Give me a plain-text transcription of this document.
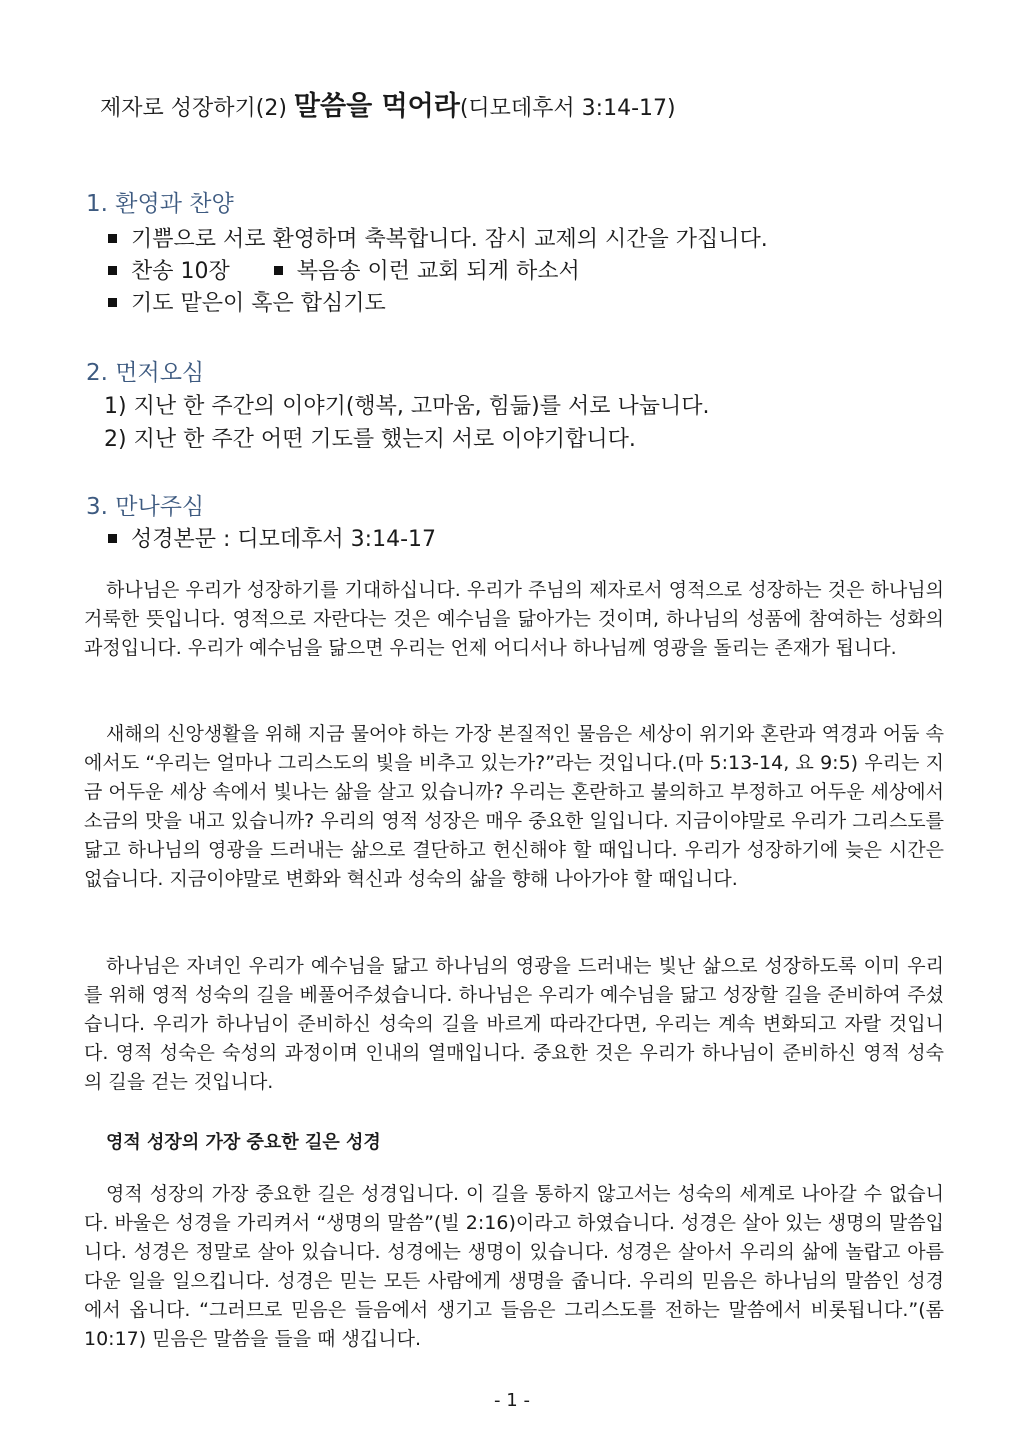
제자로 성장하기(2) 말씀을 먹어라(디모데후서 3:14-17)
1. 환영과 찬양
기쁨으로 서로 환영하며 축복합니다. 잠시 교제의 시간을 가집니다.
찬송 10장	복음송 이런 교회 되게 하소서
기도 맡은이 혹은 합심기도
2. 먼저오심
1) 지난 한 주간의 이야기(행복, 고마움, 힘듦)를 서로 나눕니다.
2) 지난 한 주간 어떤 기도를 했는지 서로 이야기합니다.
3. 만나주심
성경본문 : 디모데후서 3:14-17

하나님은 우리가 성장하기를 기대하십니다. 우리가 주님의 제자로서 영적으로 성장하는 것은 하나님의 거룩한 뜻입니다. 영적으로 자란다는 것은 예수님을 닮아가는 것이며, 하나님의 성품에 참여하는 성화의 과정입니다. 우리가 예수님을 닮으면 우리는 언제 어디서나 하나님께 영광을 돌리는 존재가 됩니다.

새해의 신앙생활을 위해 지금 물어야 하는 가장 본질적인 물음은 세상이 위기와 혼란과 역경과 어둠 속에서도 “우리는 얼마나 그리스도의 빛을 비추고 있는가?”라는 것입니다.(마 5:13-14, 요 9:5) 우리는 지금 어두운 세상 속에서 빛나는 삶을 살고 있습니까? 우리는 혼란하고 불의하고 부정하고 어두운 세상에서 소금의 맛을 내고 있습니까? 우리의 영적 성장은 매우 중요한 일입니다. 지금이야말로 우리가 그리스도를 닮고 하나님의 영광을 드러내는 삶으로 결단하고 헌신해야 할 때입니다. 우리가 성장하기에 늦은 시간은 없습니다. 지금이야말로 변화와 혁신과 성숙의 삶을 향해 나아가야 할 때입니다.

하나님은 자녀인 우리가 예수님을 닮고 하나님의 영광을 드러내는 빛난 삶으로 성장하도록 이미 우리를 위해 영적 성숙의 길을 베풀어주셨습니다. 하나님은 우리가 예수님을 닮고 성장할 길을 준비하여 주셨습니다. 우리가 하나님이 준비하신 성숙의 길을 바르게 따라간다면, 우리는 계속 변화되고 자랄 것입니다. 영적 성숙은 숙성의 과정이며 인내의 열매입니다. 중요한 것은 우리가 하나님이 준비하신 영적 성숙의 길을 걷는 것입니다.

영적 성장의 가장 중요한 길은 성경

영적 성장의 가장 중요한 길은 성경입니다. 이 길을 통하지 않고서는 성숙의 세계로 나아갈 수 없습니다. 바울은 성경을 가리켜서 “생명의 말씀”(빌 2:16)이라고 하였습니다. 성경은 살아 있는 생명의 말씀입니다. 성경은 정말로 살아 있습니다. 성경에는 생명이 있습니다. 성경은 살아서 우리의 삶에 놀랍고 아름다운 일을 일으킵니다. 성경은 믿는 모든 사람에게 생명을 줍니다. 우리의 믿음은 하나님의 말씀인 성경에서 옵니다. “그러므로 믿음은 들음에서 생기고 들음은 그리스도를 전하는 말씀에서 비롯됩니다.”(롬 10:17) 믿음은 말씀을 들을 때 생깁니다.

- 1 -
